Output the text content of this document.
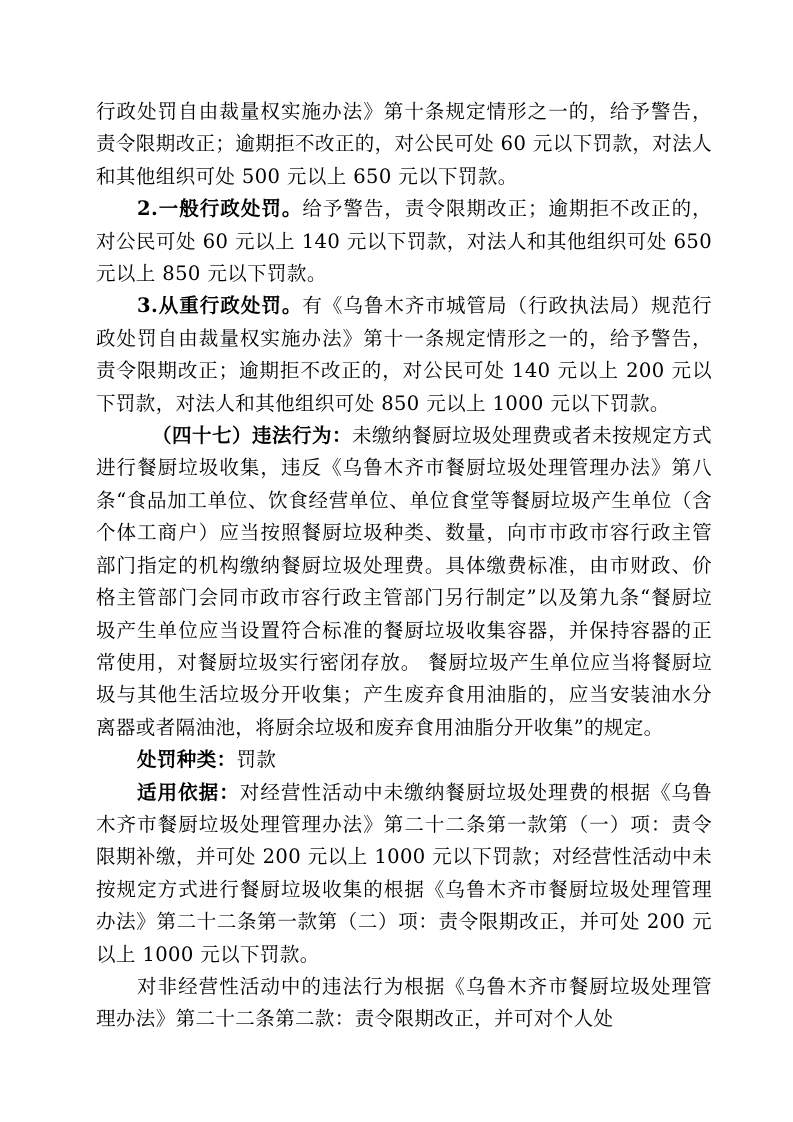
行政处罚自由裁量权实施办法》第十条规定情形之一的，给予警告，责令限期改正；逾期拒不改正的，对公民可处 60 元以下罚款，对法人和其他组织可处 500 元以上 650 元以下罚款。

2.一般行政处罚。给予警告，责令限期改正；逾期拒不改正的，对公民可处 60 元以上 140 元以下罚款，对法人和其他组织可处 650 元以上 850 元以下罚款。

3.从重行政处罚。有《乌鲁木齐市城管局（行政执法局）规范行政处罚自由裁量权实施办法》第十一条规定情形之一的，给予警告，责令限期改正；逾期拒不改正的，对公民可处 140 元以上 200 元以下罚款，对法人和其他组织可处 850 元以上 1000 元以下罚款。

（四十七）违法行为：未缴纳餐厨垃圾处理费或者未按规定方式进行餐厨垃圾收集，违反《乌鲁木齐市餐厨垃圾处理管理办法》第八条“食品加工单位、饮食经营单位、单位食堂等餐厨垃圾产生单位（含个体工商户）应当按照餐厨垃圾种类、数量，向市市政市容行政主管部门指定的机构缴纳餐厨垃圾处理费。具体缴费标准，由市财政、价格主管部门会同市政市容行政主管部门另行制定”以及第九条“餐厨垃圾产生单位应当设置符合标准的餐厨垃圾收集容器，并保持容器的正常使用，对餐厨垃圾实行密闭存放。 餐厨垃圾产生单位应当将餐厨垃圾与其他生活垃圾分开收集；产生废弃食用油脂的，应当安装油水分离器或者隔油池，将厨余垃圾和废弃食用油脂分开收集”的规定。

处罚种类：罚款

适用依据：对经营性活动中未缴纳餐厨垃圾处理费的根据《乌鲁木齐市餐厨垃圾处理管理办法》第二十二条第一款第（一）项：责令限期补缴，并可处 200 元以上 1000 元以下罚款；对经营性活动中未按规定方式进行餐厨垃圾收集的根据《乌鲁木齐市餐厨垃圾处理管理办法》第二十二条第一款第（二）项：责令限期改正，并可处 200 元以上 1000 元以下罚款。

对非经营性活动中的违法行为根据《乌鲁木齐市餐厨垃圾处理管理办法》第二十二条第二款：责令限期改正，并可对个人处
